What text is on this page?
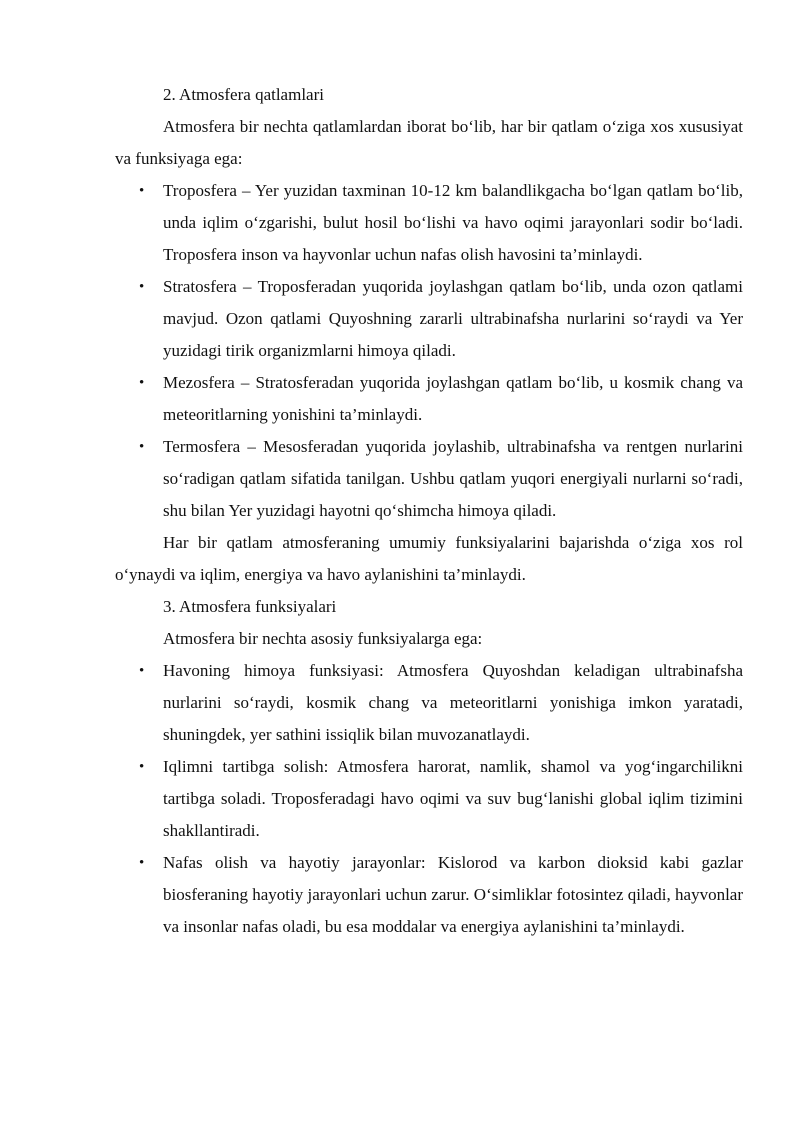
2. Atmosfera qatlamlari

Atmosfera bir nechta qatlamlardan iborat bo‘lib, har bir qatlam o‘ziga xos xususiyat va funksiyaga ega:

• Troposfera – Yer yuzidan taxminan 10-12 km balandlikgacha bo‘lgan qatlam bo‘lib, unda iqlim o‘zgarishi, bulut hosil bo‘lishi va havo oqimi jarayonlari sodir bo‘ladi. Troposfera inson va hayvonlar uchun nafas olish havosini ta’minlaydi.

• Stratosfera – Troposferadan yuqorida joylashgan qatlam bo‘lib, unda ozon qatlami mavjud. Ozon qatlami Quyoshning zararli ultrabinafsha nurlarini so‘raydi va Yer yuzidagi tirik organizmlarni himoya qiladi.

• Mezosfera – Stratosferadan yuqorida joylashgan qatlam bo‘lib, u kosmik chang va meteoritlarning yonishini ta’minlaydi.

• Termosfera – Mesosferadan yuqorida joylashib, ultrabinafsha va rentgen nurlarini so‘radigan qatlam sifatida tanilgan. Ushbu qatlam yuqori energiyali nurlarni so‘radi, shu bilan Yer yuzidagi hayotni qo‘shimcha himoya qiladi.

Har bir qatlam atmosferaning umumiy funksiyalarini bajarishda o‘ziga xos rol o‘ynaydi va iqlim, energiya va havo aylanishini ta’minlaydi.

3. Atmosfera funksiyalari

Atmosfera bir nechta asosiy funksiyalarga ega:

• Havoning himoya funksiyasi: Atmosfera Quyoshdan keladigan ultrabinafsha nurlarini so‘raydi, kosmik chang va meteoritlarni yonishiga imkon yaratadi, shuningdek, yer sathini issiqlik bilan muvozanatlaydi.

• Iqlimni tartibga solish: Atmosfera harorat, namlik, shamol va yog‘ingarchilikni tartibga soladi. Troposferadagi havo oqimi va suv bug‘lanishi global iqlim tizimini shakllantiradi.

• Nafas olish va hayotiy jarayonlar: Kislorod va karbon dioksid kabi gazlar biosferaning hayotiy jarayonlari uchun zarur. O‘simliklar fotosintez qiladi, hayvonlar va insonlar nafas oladi, bu esa moddalar va energiya aylanishini ta’minlaydi.
